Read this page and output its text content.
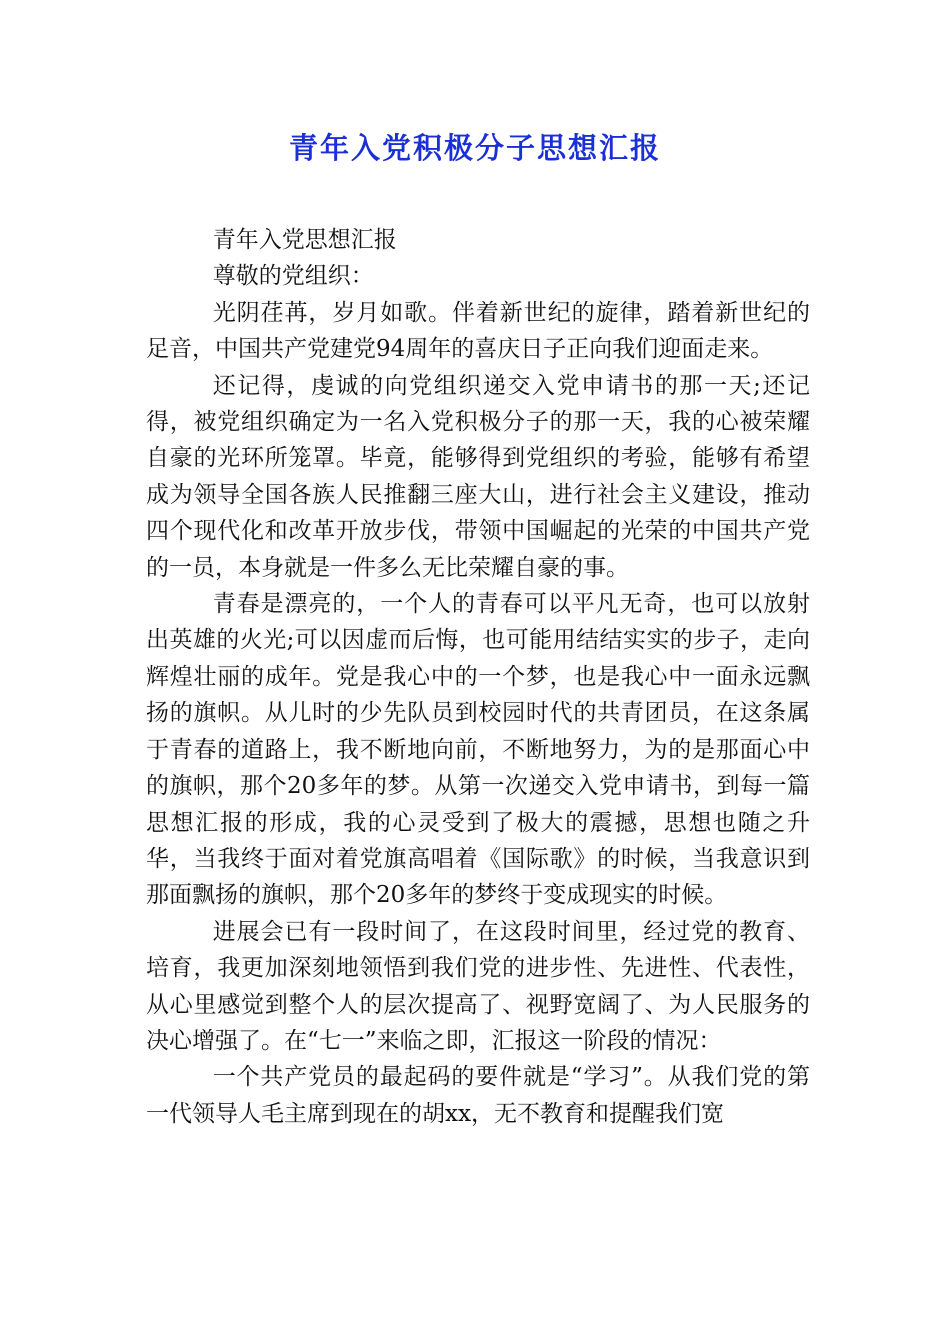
青年入党积极分子思想汇报

青年入党思想汇报

尊敬的党组织：

光阴荏苒，岁月如歌。伴着新世纪的旋律，踏着新世纪的足音，中国共产党建党94周年的喜庆日子正向我们迎面走来。

还记得，虔诚的向党组织递交入党申请书的那一天;还记得，被党组织确定为一名入党积极分子的那一天，我的心被荣耀自豪的光环所笼罩。毕竟，能够得到党组织的考验，能够有希望成为领导全国各族人民推翻三座大山，进行社会主义建设，推动四个现代化和改革开放步伐，带领中国崛起的光荣的中国共产党的一员，本身就是一件多么无比荣耀自豪的事。

青春是漂亮的，一个人的青春可以平凡无奇，也可以放射出英雄的火光;可以因虚而后悔，也可能用结结实实的步子，走向辉煌壮丽的成年。党是我心中的一个梦，也是我心中一面永远飘扬的旗帜。从儿时的少先队员到校园时代的共青团员，在这条属于青春的道路上，我不断地向前，不断地努力，为的是那面心中的旗帜，那个20多年的梦。从第一次递交入党申请书，到每一篇思想汇报的形成，我的心灵受到了极大的震撼，思想也随之升华，当我终于面对着党旗高唱着《国际歌》的时候，当我意识到那面飘扬的旗帜，那个20多年的梦终于变成现实的时候。

进展会已有一段时间了，在这段时间里，经过党的教育、培育，我更加深刻地领悟到我们党的进步性、先进性、代表性，从心里感觉到整个人的层次提高了、视野宽阔了、为人民服务的决心增强了。在“七一”来临之即，汇报这一阶段的情况：

一个共产党员的最起码的要件就是“学习”。从我们党的第一代领导人毛主席到现在的胡xx，无不教育和提醒我们宽
